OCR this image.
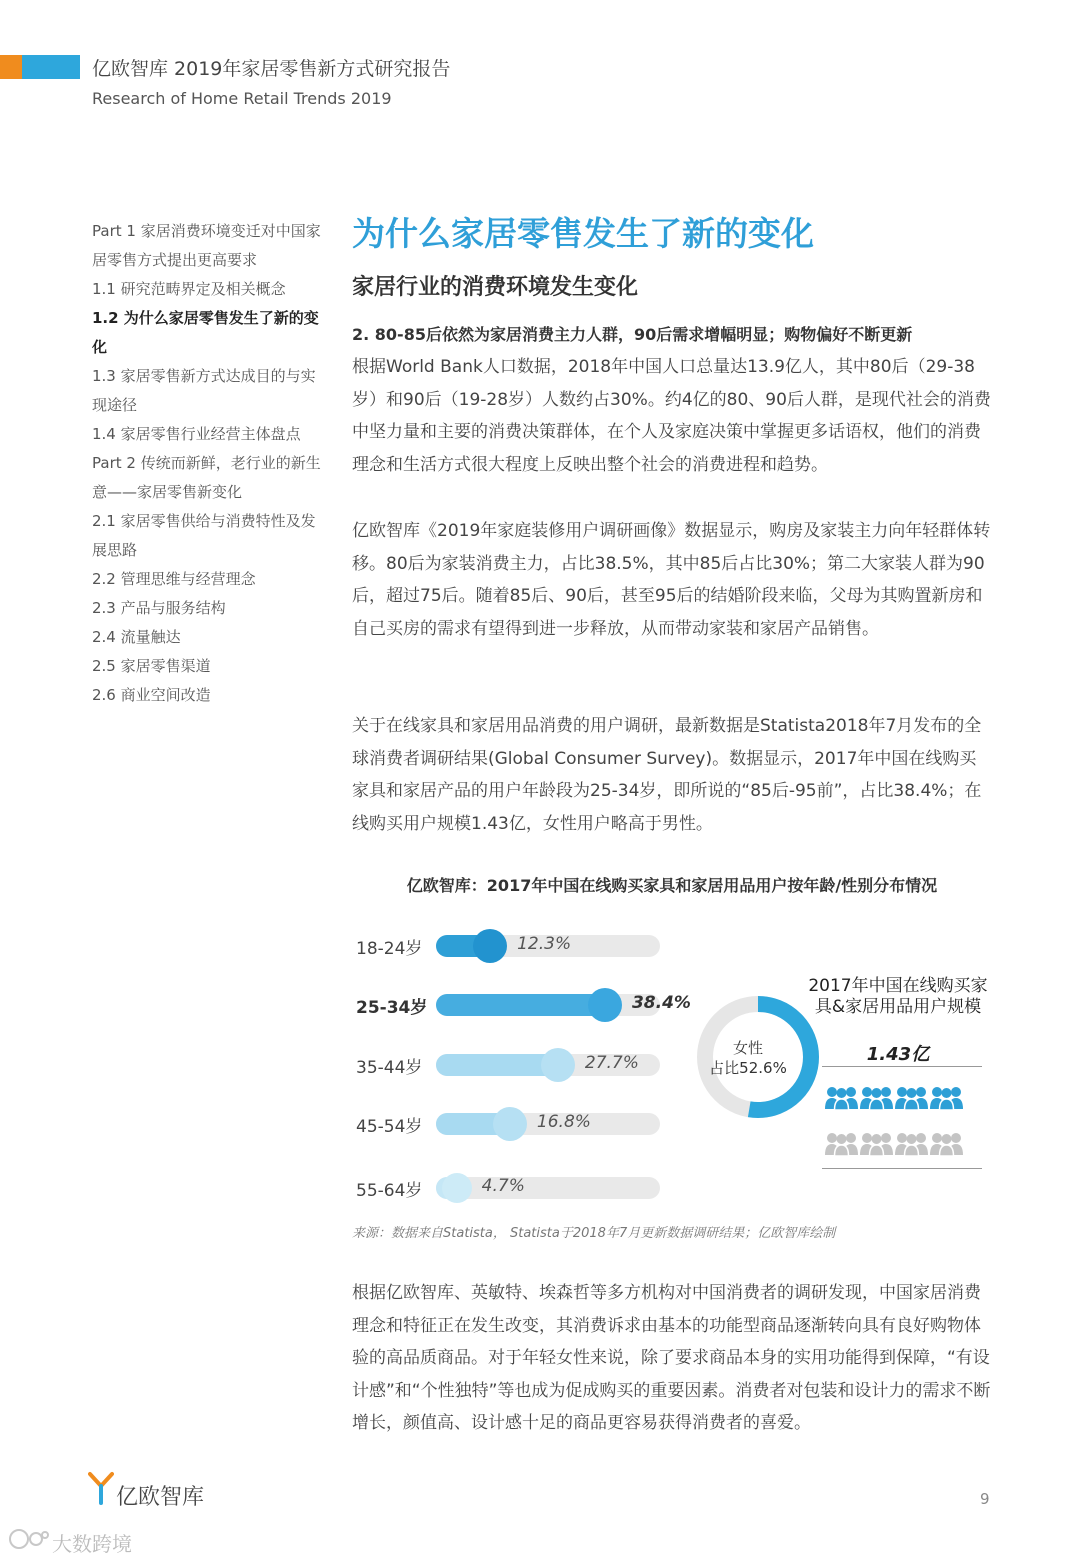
亿欧智库 2019年家居零售新方式研究报告
Research of Home Retail Trends 2019
Part 1 家居消费环境变迁对中国家居零售方式提出更高要求
1.1 研究范畴界定及相关概念
1.2 为什么家居零售发生了新的变化
1.3 家居零售新方式达成目的与实现途径
1.4 家居零售行业经营主体盘点
Part 2 传统而新鲜，老行业的新生意——家居零售新变化
2.1 家居零售供给与消费特性及发展思路
2.2 管理思维与经营理念
2.3 产品与服务结构
2.4 流量触达
2.5 家居零售渠道
2.6 商业空间改造
为什么家居零售发生了新的变化
家居行业的消费环境发生变化
2. 80-85后依然为家居消费主力人群，90后需求增幅明显；购物偏好不断更新
根据World Bank人口数据，2018年中国人口总量达13.9亿人，其中80后（29-38岁）和90后（19-28岁）人数约占30%。约4亿的80、90后人群，是现代社会的消费中坚力量和主要的消费决策群体，在个人及家庭决策中掌握更多话语权，他们的消费理念和生活方式很大程度上反映出整个社会的消费进程和趋势。
亿欧智库《2019年家庭装修用户调研画像》数据显示，购房及家装主力向年轻群体转移。80后为家装消费主力，占比38.5%，其中85后占比30%；第二大家装人群为90后，超过75后。随着85后、90后，甚至95后的结婚阶段来临，父母为其购置新房和自己买房的需求有望得到进一步释放，从而带动家装和家居产品销售。
关于在线家具和家居用品消费的用户调研，最新数据是Statista2018年7月发布的全球消费者调研结果(Global Consumer Survey)。数据显示，2017年中国在线购买家具和家居产品的用户年龄段为25-34岁，即所说的“85后-95前”，占比38.4%；在线购买用户规模1.43亿，女性用户略高于男性。
亿欧智库：2017年中国在线购买家具和家居用品用户按年龄/性别分布情况
18-24岁	12.3%
25-34岁	38.4%
35-44岁	27.7%
45-54岁	16.8%
55-64岁	4.7%
女性
占比52.6%
2017年中国在线购买家具&家居用品用户规模
1.43亿
来源：数据来自Statista， Statista于2018年7月更新数据调研结果；亿欧智库绘制
根据亿欧智库、英敏特、埃森哲等多方机构对中国消费者的调研发现，中国家居消费理念和特征正在发生改变，其消费诉求由基本的功能型商品逐渐转向具有良好购物体验的高品质商品。对于年轻女性来说，除了要求商品本身的实用功能得到保障，“有设计感”和“个性独特”等也成为促成购买的重要因素。消费者对包装和设计力的需求不断增长，颜值高、设计感十足的商品更容易获得消费者的喜爱。
亿欧智库	9
大数跨境
